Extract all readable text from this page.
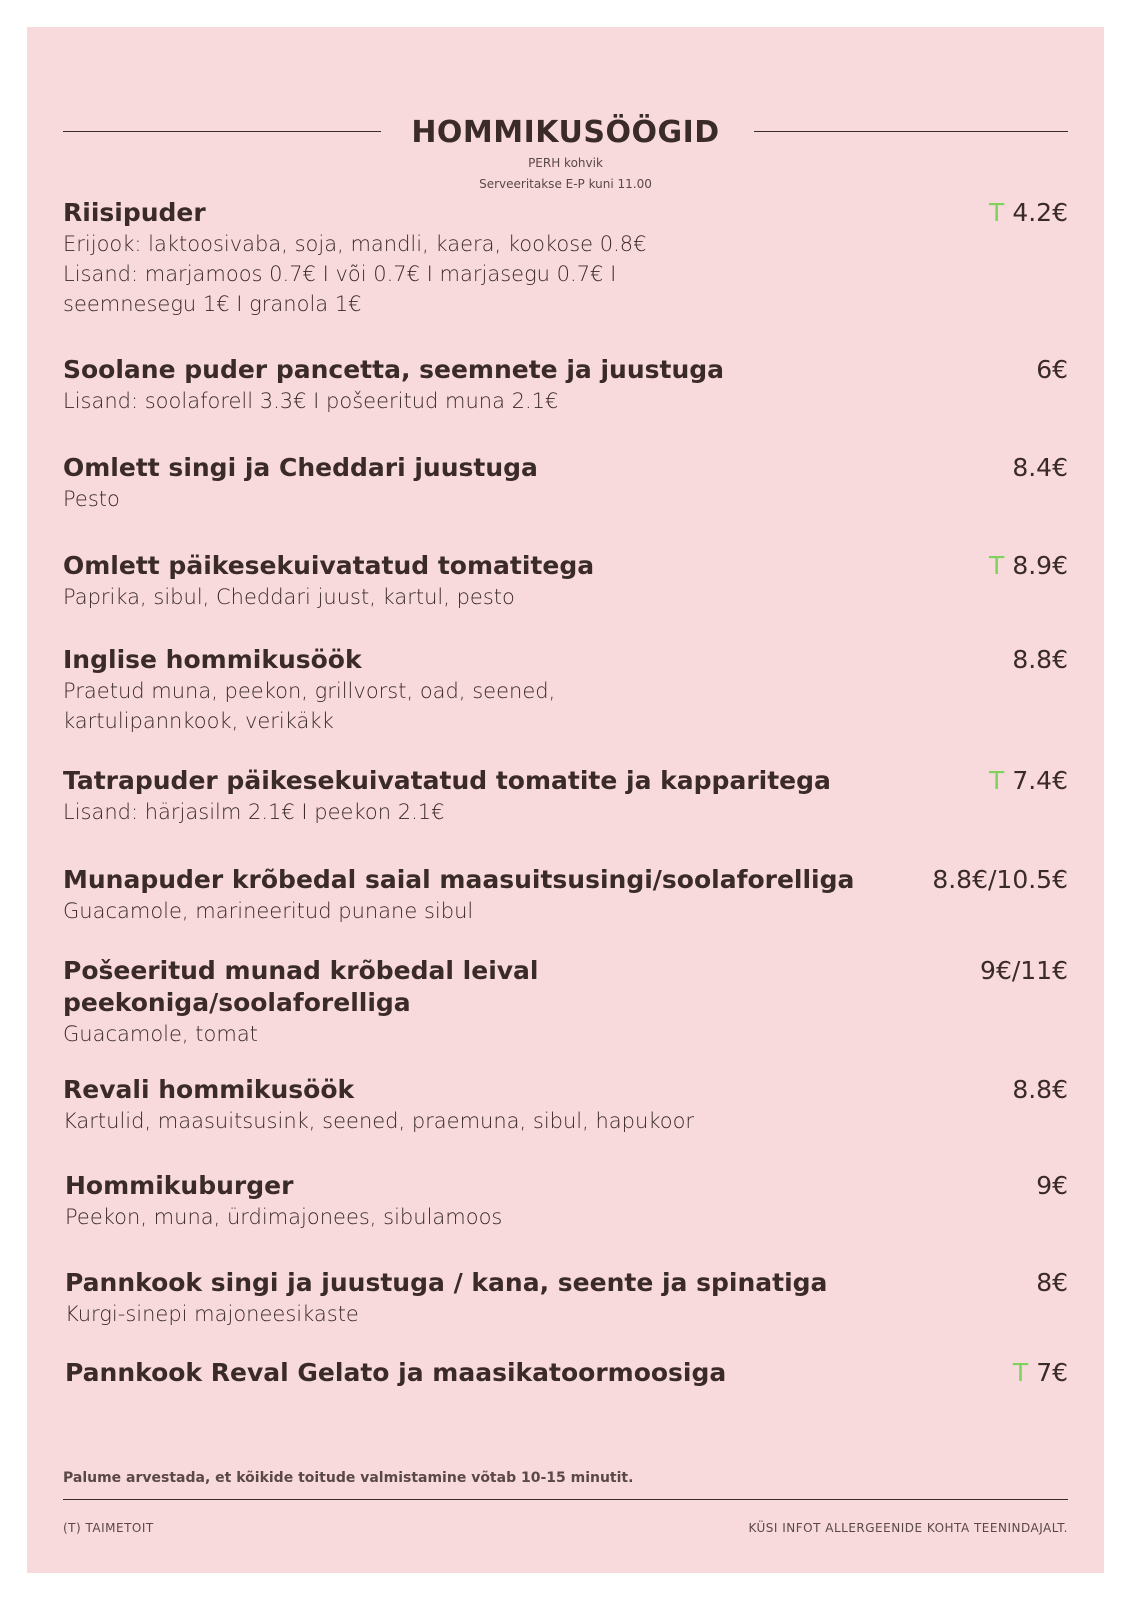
HOMMIKUSÖÖGID
PERH kohvik
Serveeritakse E-P kuni 11.00
Riisipuder
Erijook: laktoosivaba, soja, mandli, kaera, kookose 0.8€
Lisand: marjamoos 0.7€ I või 0.7€ I marjasegu 0.7€ I
seemnesegu 1€ I granola 1€
T 4.2€
Soolane puder pancetta, seemnete ja juustuga
Lisand: soolaforell 3.3€ I pošeeritud muna 2.1€
6€
Omlett singi ja Cheddari juustuga
Pesto
8.4€
Omlett päikesekuivatatud tomatitega
Paprika, sibul, Cheddari juust, kartul, pesto
T 8.9€
Inglise hommikusöök
Praetud muna, peekon, grillvorst, oad, seened,
kartulipannkook, verikäkk
8.8€
Tatrapuder päikesekuivatatud tomatite ja kapparitega
Lisand: härjasilm 2.1€ I peekon 2.1€
T 7.4€
Munapuder krõbedal saial maasuitsusingi/soolaforelliga
Guacamole, marineeritud punane sibul
8.8€/10.5€
Pošeeritud munad krõbedal leival
peekoniga/soolaforelliga
Guacamole, tomat
9€/11€
Revali hommikusöök
Kartulid, maasuitsusink, seened, praemuna, sibul, hapukoor
8.8€
Hommikuburger
Peekon, muna, ürdimajonees, sibulamoos
9€
Pannkook singi ja juustuga / kana, seente ja spinatiga
Kurgi-sinepi majoneesikaste
8€
Pannkook Reval Gelato ja maasikatoormoosiga	T 7€
Palume arvestada, et kõikide toitude valmistamine võtab 10-15 minutit.
(T) TAIMETOIT	KÜSI INFOT ALLERGEENIDE KOHTA TEENINDAJALT.
